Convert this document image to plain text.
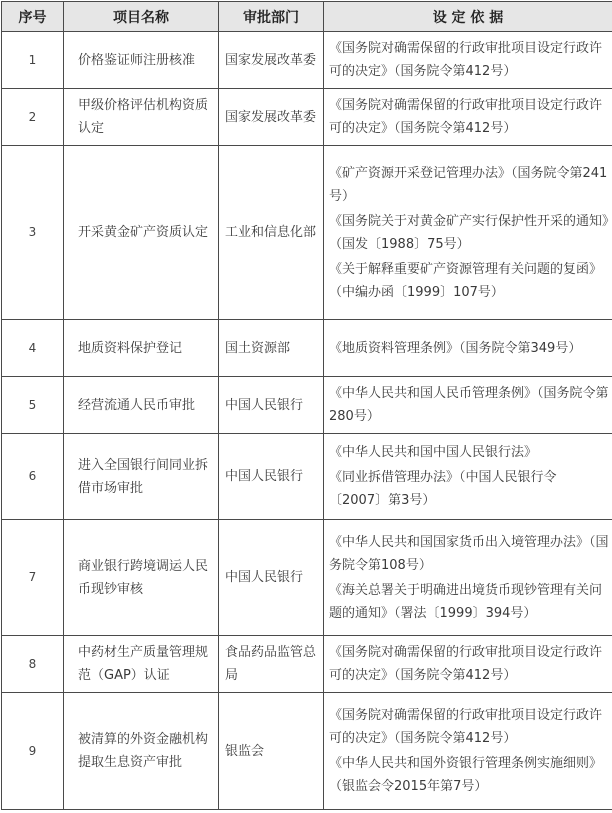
序号	项目名称	审批部门	设 定 依 据
1	价格鉴证师注册核准	国家发展改革委	《国务院对确需保留的行政审批项目设定行政许可的决定》（国务院令第412号）

2	甲级价格评估机构资质认定	国家发展改革委	《国务院对确需保留的行政审批项目设定行政许可的决定》（国务院令第412号）

3	开采黄金矿产资质认定	工业和信息化部	《矿产资源开采登记管理办法》（国务院令第241号）
《国务院关于对黄金矿产实行保护性开采的通知》（国发〔1988〕75号）
《关于解释重要矿产资源管理有关问题的复函》（中编办函〔1999〕107号）

4	地质资料保护登记	国土资源部	《地质资料管理条例》（国务院令第349号）

5	经营流通人民币审批	中国人民银行	《中华人民共和国人民币管理条例》（国务院令第280号）

6	进入全国银行间同业拆借市场审批	中国人民银行	《中华人民共和国中国人民银行法》
《同业拆借管理办法》（中国人民银行令〔2007〕第3号）

7	商业银行跨境调运人民币现钞审核	中国人民银行	《中华人民共和国国家货币出入境管理办法》（国务院令第108号）
《海关总署关于明确进出境货币现钞管理有关问题的通知》（署法〔1999〕394号）

8	中药材生产质量管理规范（GAP）认证	食品药品监管总局	《国务院对确需保留的行政审批项目设定行政许可的决定》（国务院令第412号）

9	被清算的外资金融机构提取生息资产审批	银监会	《国务院对确需保留的行政审批项目设定行政许可的决定》（国务院令第412号）
《中华人民共和国外资银行管理条例实施细则》（银监会令2015年第7号）
